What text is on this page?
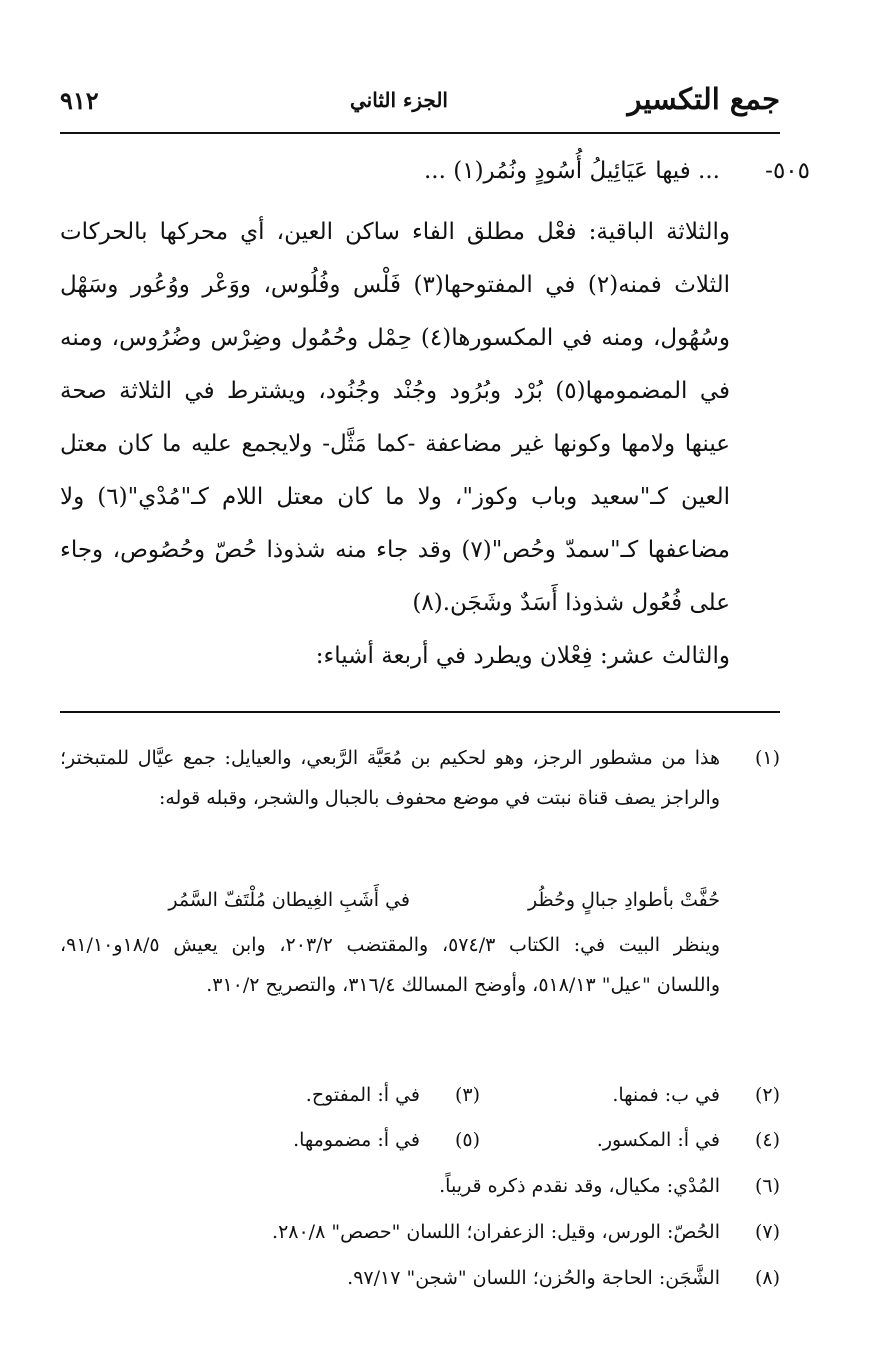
جمع التكسير
الجزء الثاني
٩١٢
٥٠٥-
... فيها عَيَائِيلُ أُسُودٍ ونُمُر(١) ...

والثلاثة الباقية: فعْل مطلق الفاء ساكن العين، أي محركها بالحركات الثلاث فمنه(٢) في المفتوحها(٣) فَلْس وفُلُوس، ووَعْر ووُعُور وسَهْل وسُهُول، ومنه في المكسورها(٤) حِمْل وحُمُول وضِرْس وضُرُوس، ومنه في المضمومها(٥) بُرْد وبُرُود وجُنْد وجُنُود، ويشترط في الثلاثة صحة عينها ولامها وكونها غير مضاعفة -كما مَثَّل- ولايجمع عليه ما كان معتل العين كـ"سعيد وباب وكوز"، ولا ما كان معتل اللام كـ"مُدْي"(٦) ولا مضاعفها كـ"سمدّ وحُص"(٧) وقد جاء منه شذوذا حُصّ وحُصُوص، وجاء على فُعُول شذوذا أَسَدٌ وشَجَن.(٨)

والثالث عشر: فِعْلان ويطرد في أربعة أشياء:

(١)
هذا من مشطور الرجز، وهو لحكيم بن مُعَيَّة الرَّبعي، والعيايل: جمع عيَّال للمتبختر؛ والراجز يصف قناة نبتت في موضع محفوف بالجبال والشجر، وقبله قوله:
حُفَّتْ بأطوادِ جبالٍ وحُظُر
في أَشَبِ الغِيطان مُلْتَفّ السَّمُر
وينظر البيت في: الكتاب ٥٧٤/٣، والمقتضب ٢٠٣/٢، وابن يعيش ١٨/٥و٩١/١٠، واللسان "عيل" ٥١٨/١٣، وأوضح المسالك ٣١٦/٤، والتصريح ٣١٠/٢.
(٢)
في ب: فمنها.
(٣)
في أ: المفتوح.
(٤)
في أ: المكسور.
(٥)
في أ: مضمومها.
(٦)
المُدْي: مكيال، وقد نقدم ذكره قريباً.
(٧)
الحُصّ: الورس، وقيل: الزعفران؛ اللسان "حصص" ٢٨٠/٨.
(٨)
الشَّجَن: الحاجة والحُزن؛ اللسان "شجن" ٩٧/١٧.
